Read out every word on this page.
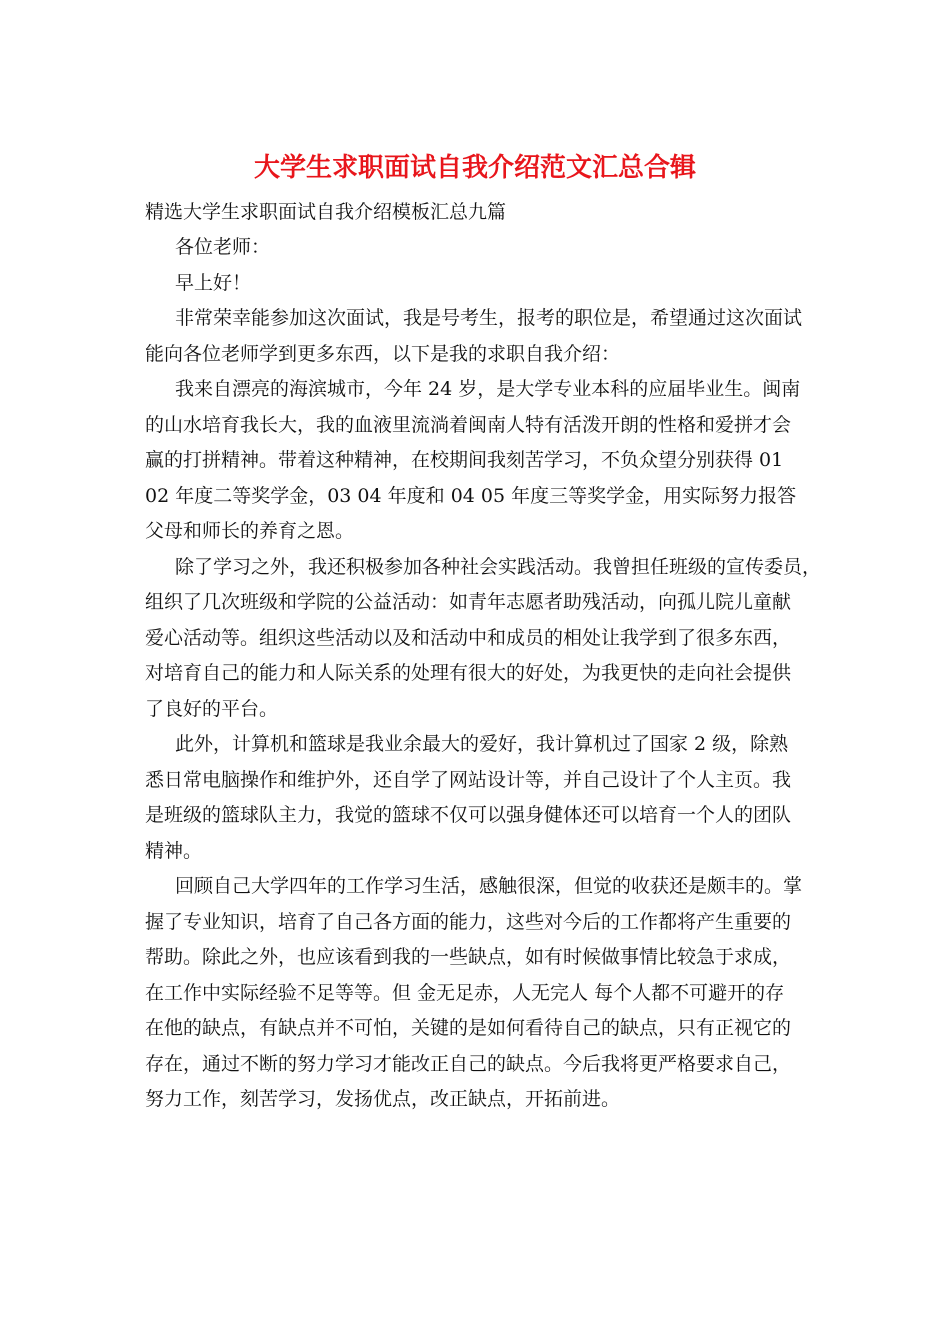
大学生求职面试自我介绍范文汇总合辑

精选大学生求职面试自我介绍模板汇总九篇

各位老师：
早上好！
非常荣幸能参加这次面试，我是号考生，报考的职位是，希望通过这次面试
能向各位老师学到更多东西，以下是我的求职自我介绍：
我来自漂亮的海滨城市，今年 24 岁，是大学专业本科的应届毕业生。闽南
的山水培育我长大，我的血液里流淌着闽南人特有活泼开朗的性格和爱拼才会
赢的打拼精神。带着这种精神，在校期间我刻苦学习，不负众望分别获得 01
02 年度二等奖学金，03 04 年度和 04 05 年度三等奖学金，用实际努力报答
父母和师长的养育之恩。
除了学习之外，我还积极参加各种社会实践活动。我曾担任班级的宣传委员，
组织了几次班级和学院的公益活动：如青年志愿者助残活动，向孤儿院儿童献
爱心活动等。组织这些活动以及和活动中和成员的相处让我学到了很多东西，
对培育自己的能力和人际关系的处理有很大的好处，为我更快的走向社会提供
了良好的平台。
此外，计算机和篮球是我业余最大的爱好，我计算机过了国家 2 级，除熟
悉日常电脑操作和维护外，还自学了网站设计等，并自己设计了个人主页。我
是班级的篮球队主力，我觉的篮球不仅可以强身健体还可以培育一个人的团队
精神。
回顾自己大学四年的工作学习生活，感触很深，但觉的收获还是颇丰的。掌
握了专业知识，培育了自己各方面的能力，这些对今后的工作都将产生重要的
帮助。除此之外，也应该看到我的一些缺点，如有时候做事情比较急于求成，
在工作中实际经验不足等等。但 金无足赤，人无完人 每个人都不可避开的存
在他的缺点，有缺点并不可怕，关键的是如何看待自己的缺点，只有正视它的
存在，通过不断的努力学习才能改正自己的缺点。今后我将更严格要求自己，
努力工作，刻苦学习，发扬优点，改正缺点，开拓前进。
